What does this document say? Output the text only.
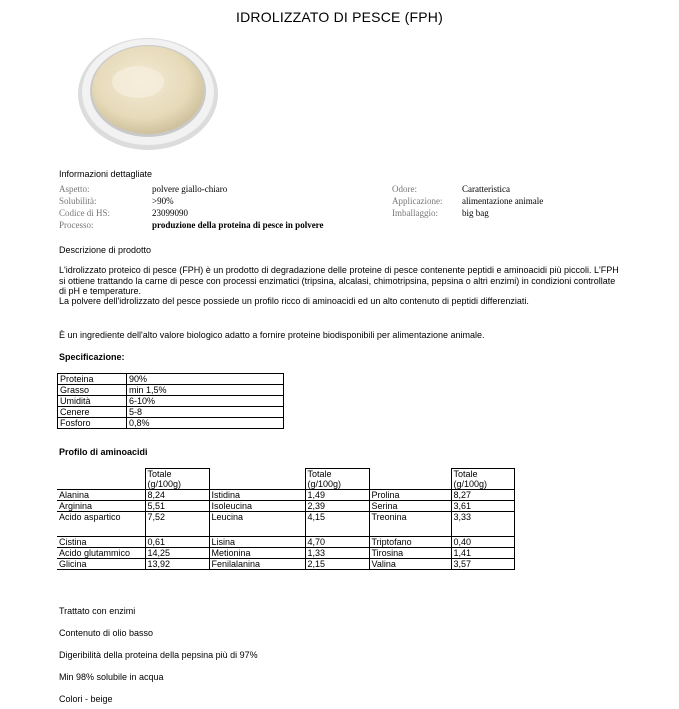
IDROLIZZATO DI PESCE (FPH)
Informazioni dettagliate
Aspetto:	polvere giallo-chiaro
Solubilità:	>90%
Codice di HS:	23099090
Processo:	produzione della proteina di pesce in polvere
Odore:	Caratteristica
Applicazione: alimentazione animale
Imballaggio:	big bag
Descrizione di prodotto
L'idrolizzato proteico di pesce (FPH) è un prodotto di degradazione delle proteine di pesce contenente peptidi e aminoacidi più piccoli. L'FPH si ottiene trattando la carne di pesce con processi enzimatici (tripsina, alcalasi, chimotripsina, pepsina o altri enzimi) in condizioni controllate di pH e temperature.
La polvere dell'idrolizzato del pesce possiede un profilo ricco di aminoacidi ed un alto contenuto di peptidi differenziati.
È un ingrediente dell'alto valore biologico adatto a fornire proteine biodisponibili per alimentazione animale.
Specificazione:
Proteina	90%
Grasso	min 1,5%
Umidità	6-10%
Cenere	5-8
Fosforo	0,8%
Profilo di aminoacidi
	Totale (g/100g)		Totale (g/100g)		Totale (g/100g)
Alanina	8,24	Istidina	1,49	Prolina	8,27
Arginina	5,51	Isoleucina	2,39	Serina	3,61
Acido aspartico	7,52	Leucina	4,15	Treonina	3,33
Cistina	0,61	Lisina	4,70	Triptofano	0,40
Acido glutammico	14,25	Metionina	1,33	Tirosina	1,41
Glicina	13,92	Fenilalanina	2,15	Valina	3,57
Trattato con enzimi
Contenuto di olio basso
Digeribilità della proteina della pepsina più di 97%
Min 98% solubile in acqua
Colori - beige
